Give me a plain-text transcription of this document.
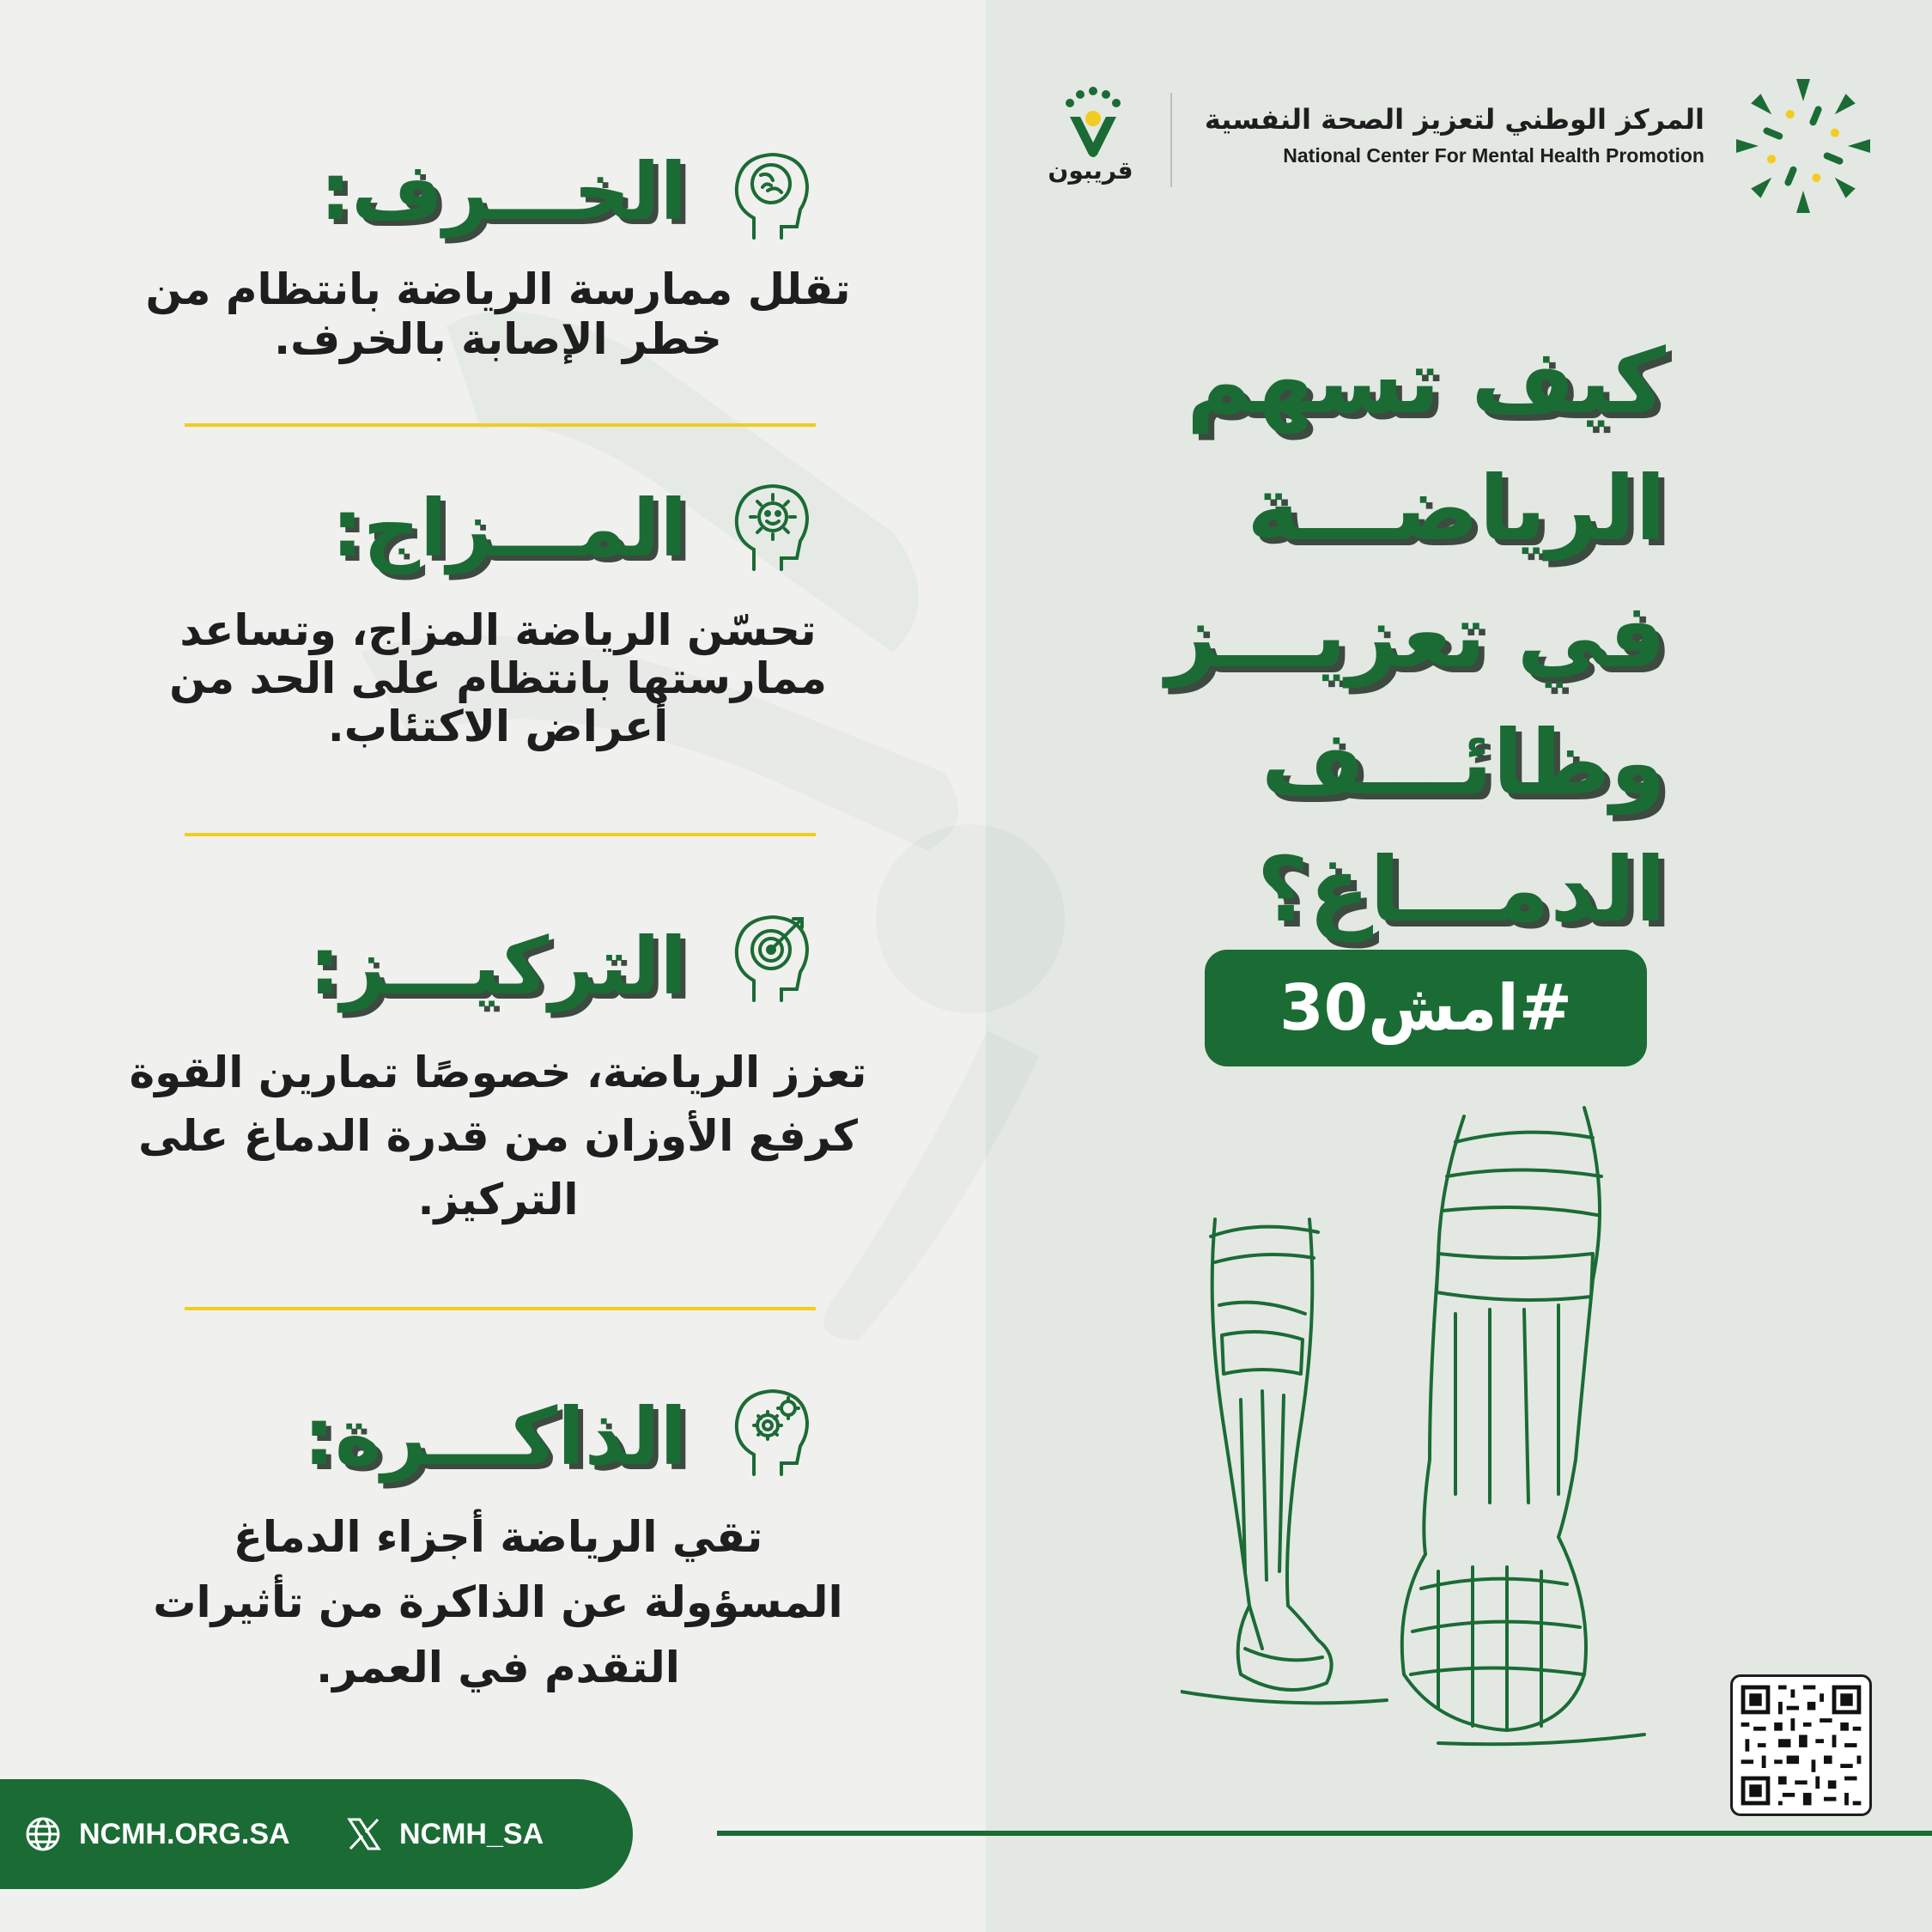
المركز الوطني لتعزيز الصحة النفسية
National Center For Mental Health Promotion
قريبون
كيف تسهم
الرياضـــة
في تعزيـــز
وظائـــف
الدمـــاغ؟
#امش30
الخـــرف:
تقلل ممارسة الرياضة بانتظام من
خطر الإصابة بالخرف.
المـــزاج:
تحسّن الرياضة المزاج، وتساعد
ممارستها بانتظام على الحد من
أعراض الاكتئاب.
التركيـــز:
تعزز الرياضة، خصوصًا تمارين القوة
كرفع الأوزان من قدرة الدماغ على
التركيز.
الذاكـــرة:
تقي الرياضة أجزاء الدماغ
المسؤولة عن الذاكرة من تأثيرات
التقدم في العمر.
NCMH.ORG.SA	NCMH_SA
